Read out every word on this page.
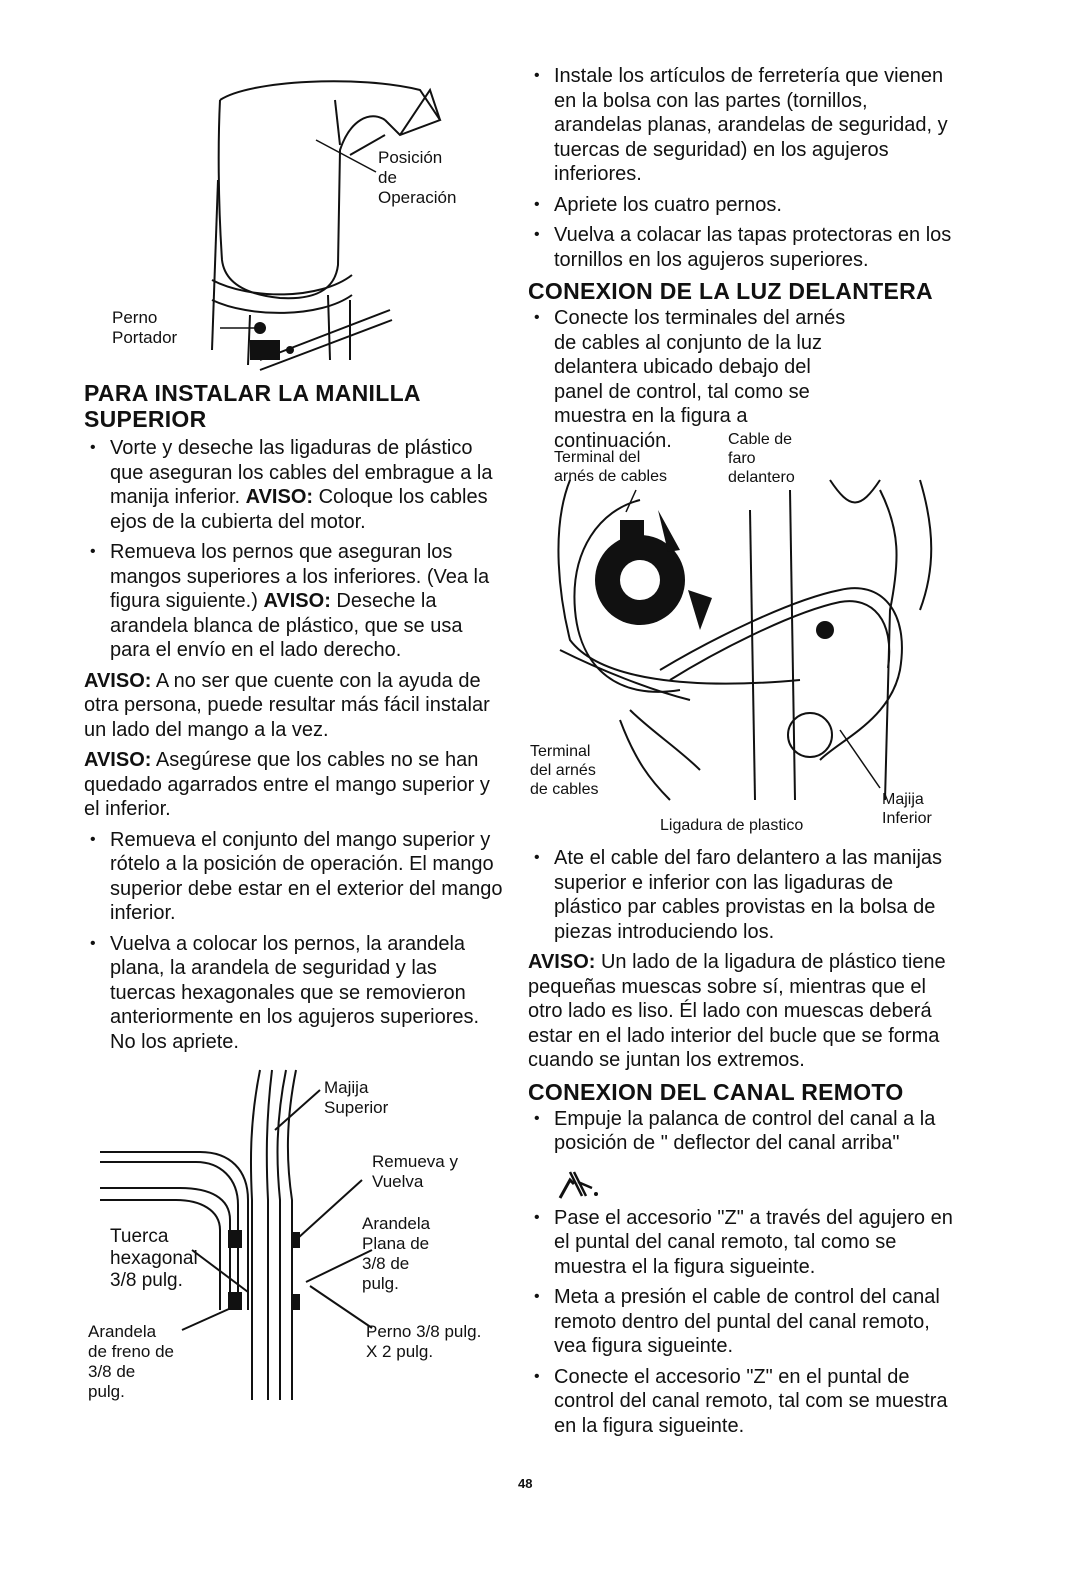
Posición
de
Operación
Perno
Portador
PARA INSTALAR LA MANILLA
SUPERIOR
• Vorte y deseche las ligaduras de plástico que aseguran los cables del embrague a la manija inferior. AVISO: Coloque los cables ejos de la cubierta del motor.
• Remueva los pernos que aseguran los mangos superiores a los inferiores. (Vea la figura siguiente.) AVISO: Deseche la arandela blanca de plástico, que se usa para el envío en el lado derecho.

AVISO: A no ser que cuente con la ayuda de otra persona, puede resultar más fácil instalar un lado del mango a la vez.

AVISO: Asegúrese que los cables no se han quedado agarrados entre el mango superior y el inferior.

• Remueva el conjunto del mango superior y rótelo a la posición de operación. El mango superior debe estar en el exterior del mango inferior.
• Vuelva a colocar los pernos, la arandela plana, la arandela de seguridad y las tuercas hexagonales que se removieron anteriormente en los agujeros superiores. No los apriete.
Majija
Superior
Remueva y
Vuelva
Arandela
Plana de
3/8 de
pulg.
Tuerca
hexagonal
3/8 pulg.
Arandela
de freno de
3/8 de
pulg.
Perno 3/8 pulg.
X 2 pulg.
• Instale los artículos de ferretería que vienen en la bolsa con las partes (tornillos, arandelas planas, arandelas de seguridad, y tuercas de seguridad) en los agujeros inferiores.
• Apriete los cuatro pernos.
• Vuelva a colacar las tapas protectoras en los tornillos en los agujeros superiores.
CONEXION DE LA LUZ DELANTERA
• Conecte los terminales del arnés de cables al conjunto de la luz delantera ubicado debajo del panel de control, tal como se muestra en la figura a continuación.
Terminal del
arnés de cables
Cable de
faro
delantero
Terminal
del arnés
de cables
Majija
Inferior
Ligadura de plastico
• Ate el cable del faro delantero a las manijas superior e inferior con las ligaduras de plástico par cables provistas en la bolsa de piezas introduciendo los.

AVISO: Un lado de la ligadura de plástico tiene pequeñas muescas sobre sí, mientras que el otro lado es liso. Él lado con muescas deberá estar en el lado interior del bucle que se forma cuando se juntan los extremos.

CONEXION DEL CANAL REMOTO
• Empuje la palanca de control del canal a la posición de " deflector del canal arriba"
• Pase el accesorio "Z" a través del agujero en el puntal del canal remoto, tal como se muestra el la figura sigueinte.
• Meta a presión el cable de control del canal remoto dentro del puntal del canal remoto, vea figura sigueinte.
• Conecte el accesorio "Z" en el puntal de control del canal remoto, tal com se muestra en la figura sigueinte.
48
